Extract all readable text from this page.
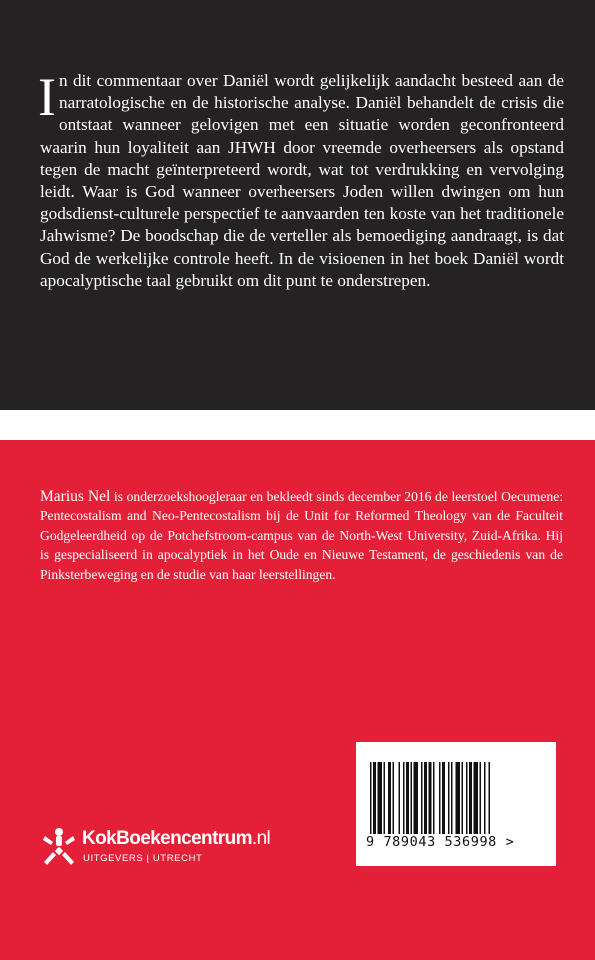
In dit commentaar over Daniël wordt gelijkelijk aandacht besteed aan de narratologische en de historische analyse. Daniël behandelt de crisis die ontstaat wanneer gelovigen met een situatie worden geconfronteerd waarin hun loyaliteit aan JHWH door vreemde overheersers als opstand tegen de macht geïnterpreteerd wordt, wat tot verdrukking en vervolging leidt. Waar is God wanneer overheersers Joden willen dwingen om hun godsdienst-culturele perspectief te aanvaarden ten koste van het traditionele Jahwisme? De boodschap die de verteller als bemoediging aandraagt, is dat God de werkelijke controle heeft. In de visioenen in het boek Daniël wordt apocalyptische taal gebruikt om dit punt te onderstrepen.
Marius Nel is onderzoekshoogleraar en bekleedt sinds december 2016 de leerstoel Oecumene: Pentecostalism and Neo-Pentecostalism bij de Unit for Reformed Theology van de Faculteit Godgeleerdheid op de Potchefstroom-campus van de North-West University, Zuid-Afrika. Hij is gespecialiseerd in apocalyptiek in het Oude en Nieuwe Testament, de geschiedenis van de Pinksterbeweging en de studie van haar leerstellingen.
KokBoekencentrum.nl
UITGEVERS | UTRECHT
9 789043 536998 >
